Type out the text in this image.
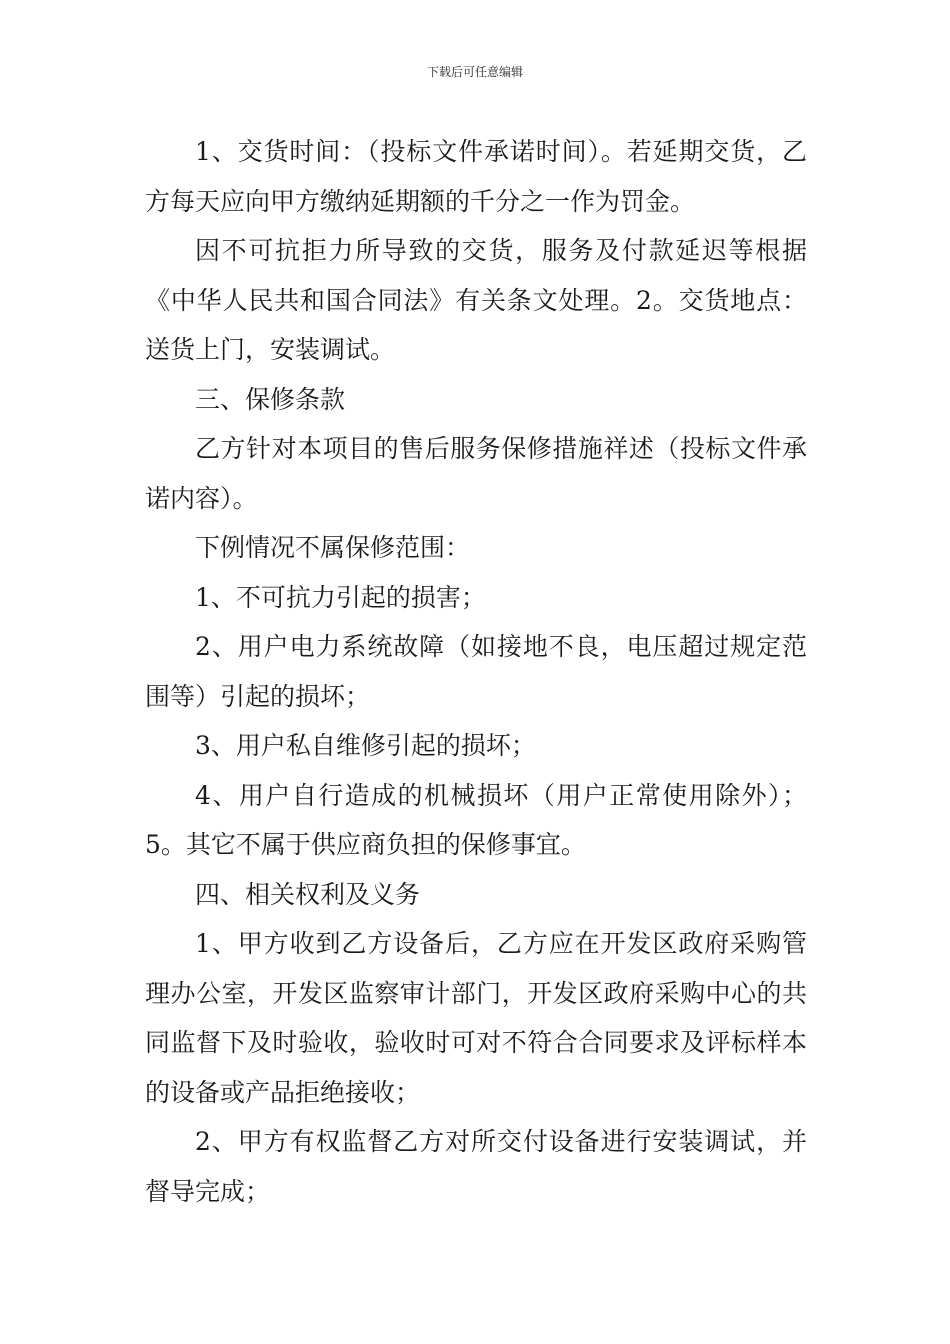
下载后可任意编辑

1、交货时间：（投标文件承诺时间）。若延期交货，乙方每天应向甲方缴纳延期额的千分之一作为罚金。

因不可抗拒力所导致的交货，服务及付款延迟等根据《中华人民共和国合同法》有关条文处理。2。交货地点：送货上门，安装调试。

三、保修条款

乙方针对本项目的售后服务保修措施祥述（投标文件承诺内容）。

下例情况不属保修范围：

1、不可抗力引起的损害；

2、用户电力系统故障（如接地不良，电压超过规定范围等）引起的损坏；

3、用户私自维修引起的损坏；

4、用户自行造成的机械损坏（用户正常使用除外）；5。其它不属于供应商负担的保修事宜。

四、相关权利及义务

1、甲方收到乙方设备后，乙方应在开发区政府采购管理办公室，开发区监察审计部门，开发区政府采购中心的共同监督下及时验收，验收时可对不符合合同要求及评标样本的设备或产品拒绝接收；

2、甲方有权监督乙方对所交付设备进行安装调试，并督导完成；
